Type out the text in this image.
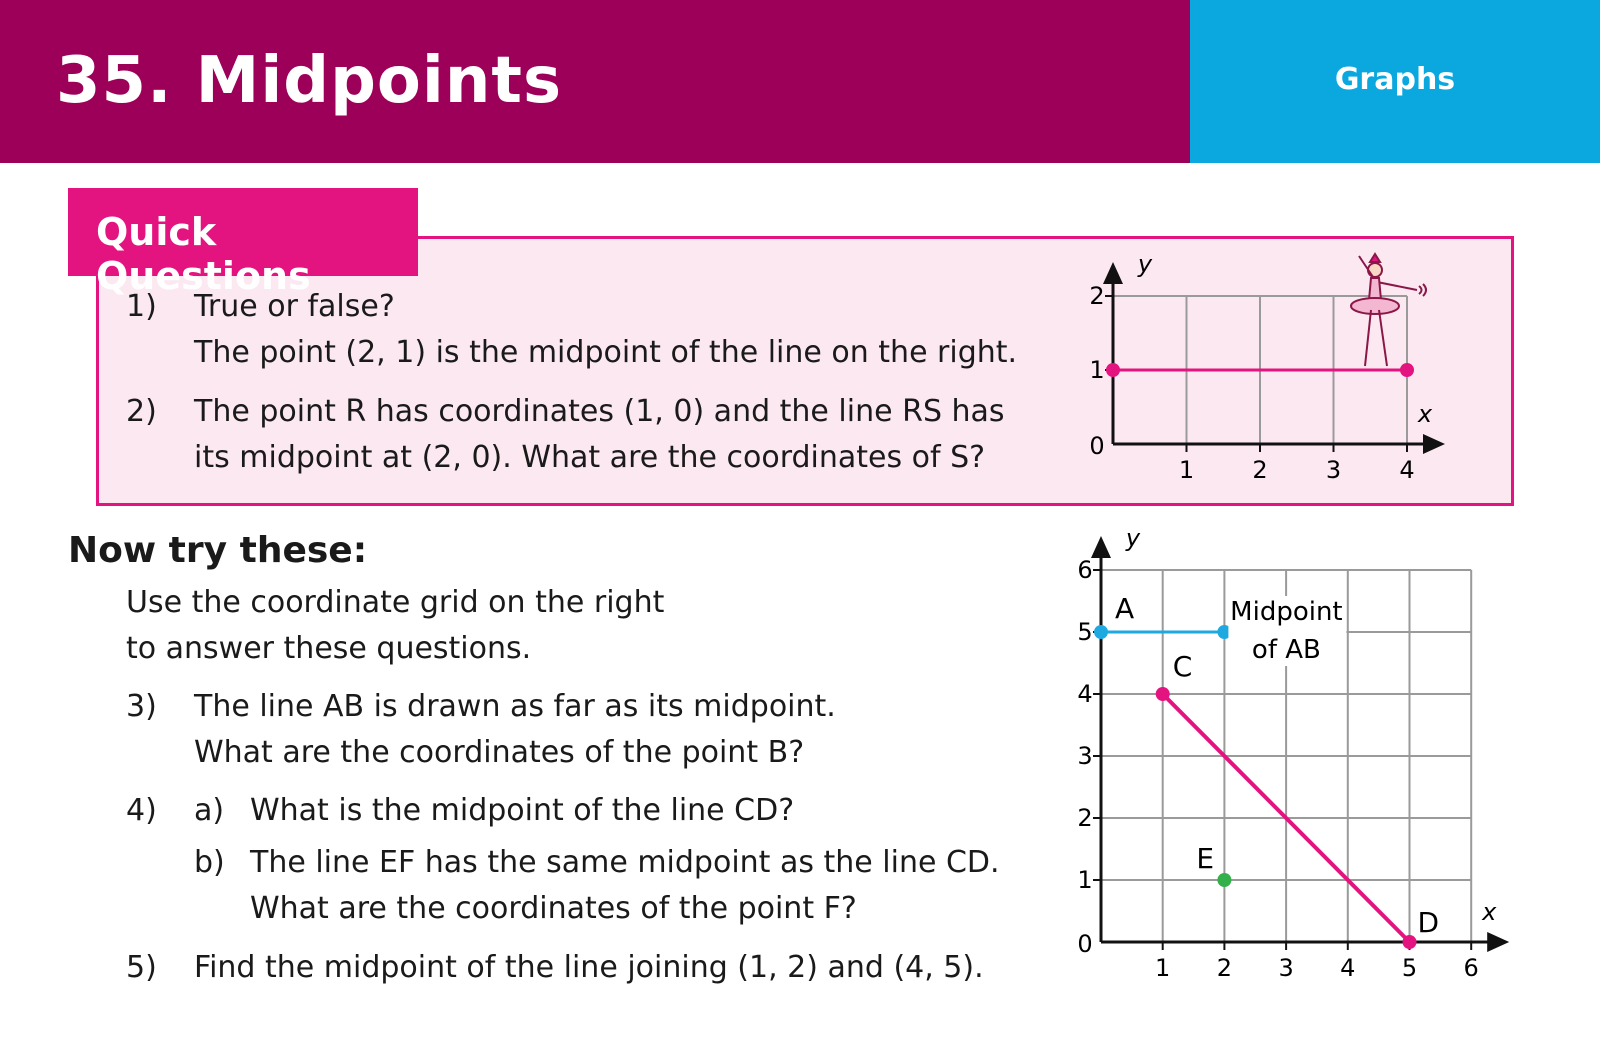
35. Midpoints	Graphs
Quick Questions
1) True or false?
The point (2, 1) is the midpoint of the line on the right.
2) The point R has coordinates (1, 0) and the line RS has
its midpoint at (2, 0). What are the coordinates of S?	1 2 3 4
1
2
0
x
y
Now try these:
Use the coordinate grid on the right
to answer these questions.
3) The line AB is drawn as far as its midpoint.
What are the coordinates of the point B?
4) a) What is the midpoint of the line CD?
b) The line EF has the same midpoint as the line CD.
What are the coordinates of the point F?
5) Find the midpoint of the line joining (1, 2) and (4, 5).	1 2 3 4 5 6
1
2
3
4
5
6
0
x
y
A
C
D
E
Midpoint
of AB
